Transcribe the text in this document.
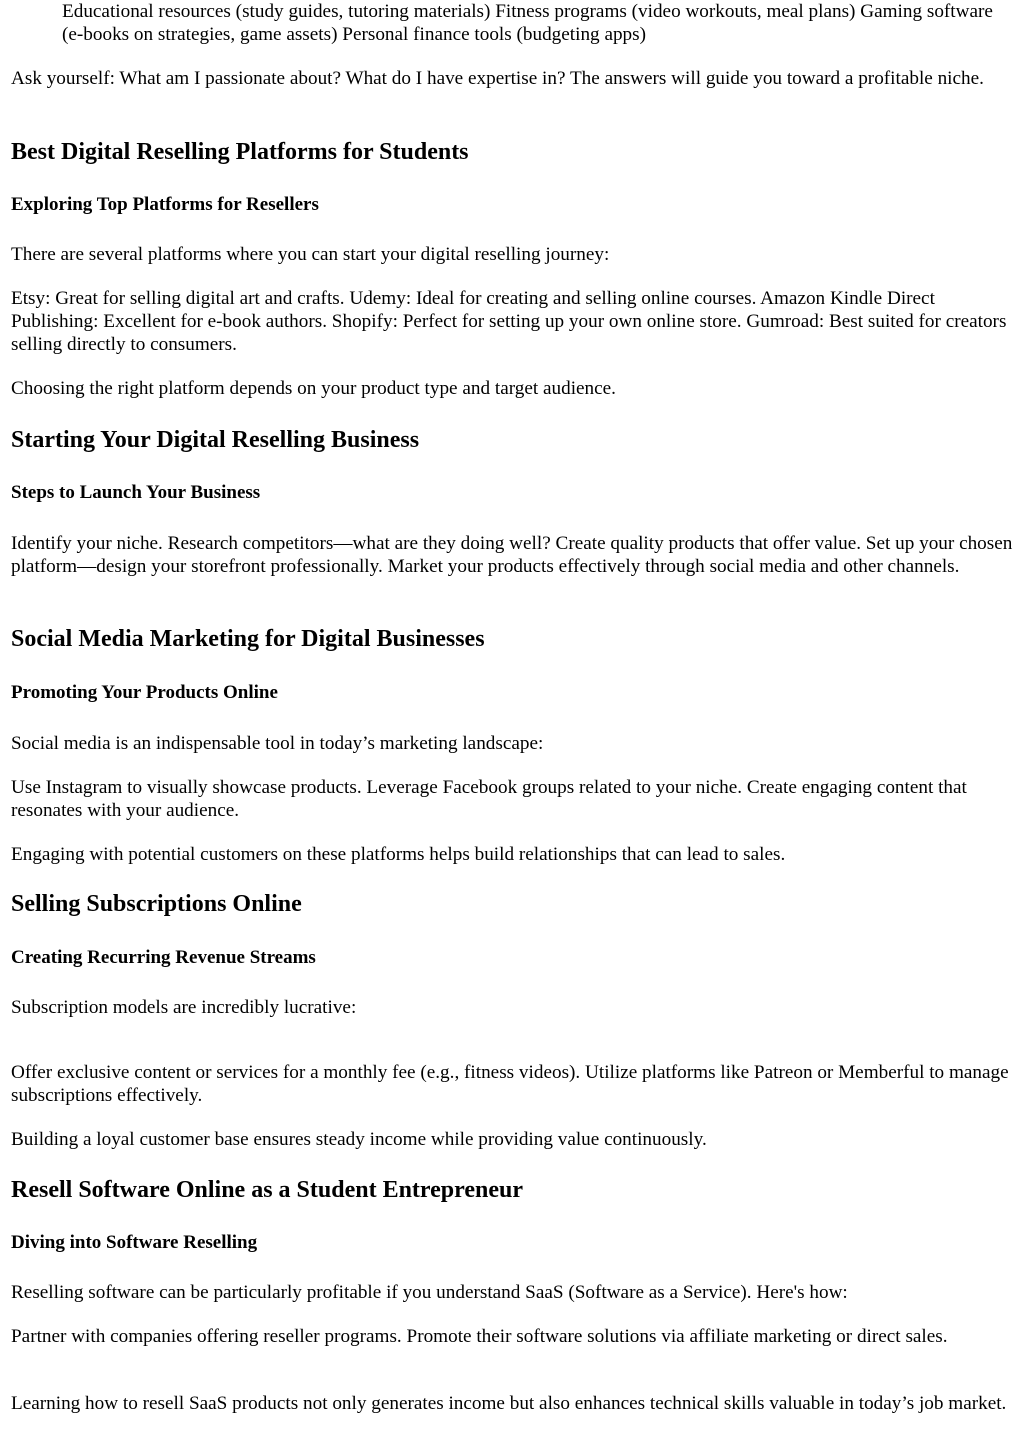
Educational resources (study guides, tutoring materials) Fitness programs (video workouts, meal plans) Gaming software (e-books on strategies, game assets) Personal finance tools (budgeting apps)

Ask yourself: What am I passionate about? What do I have expertise in? The answers will guide you toward a profitable niche.

Best Digital Reselling Platforms for Students
Exploring Top Platforms for Resellers

There are several platforms where you can start your digital reselling journey:

Etsy: Great for selling digital art and crafts. Udemy: Ideal for creating and selling online courses. Amazon Kindle Direct Publishing: Excellent for e-book authors. Shopify: Perfect for setting up your own online store. Gumroad: Best suited for creators selling directly to consumers.

Choosing the right platform depends on your product type and target audience.

Starting Your Digital Reselling Business
Steps to Launch Your Business

Identify your niche. Research competitors—what are they doing well? Create quality products that offer value. Set up your chosen platform—design your storefront professionally. Market your products effectively through social media and other channels.

Social Media Marketing for Digital Businesses
Promoting Your Products Online

Social media is an indispensable tool in today’s marketing landscape:

Use Instagram to visually showcase products. Leverage Facebook groups related to your niche. Create engaging content that resonates with your audience.

Engaging with potential customers on these platforms helps build relationships that can lead to sales.

Selling Subscriptions Online
Creating Recurring Revenue Streams

Subscription models are incredibly lucrative:

Offer exclusive content or services for a monthly fee (e.g., fitness videos). Utilize platforms like Patreon or Memberful to manage subscriptions effectively.

Building a loyal customer base ensures steady income while providing value continuously.

Resell Software Online as a Student Entrepreneur
Diving into Software Reselling

Reselling software can be particularly profitable if you understand SaaS (Software as a Service). Here's how:

Partner with companies offering reseller programs. Promote their software solutions via affiliate marketing or direct sales.

Learning how to resell SaaS products not only generates income but also enhances technical skills valuable in today’s job market.
